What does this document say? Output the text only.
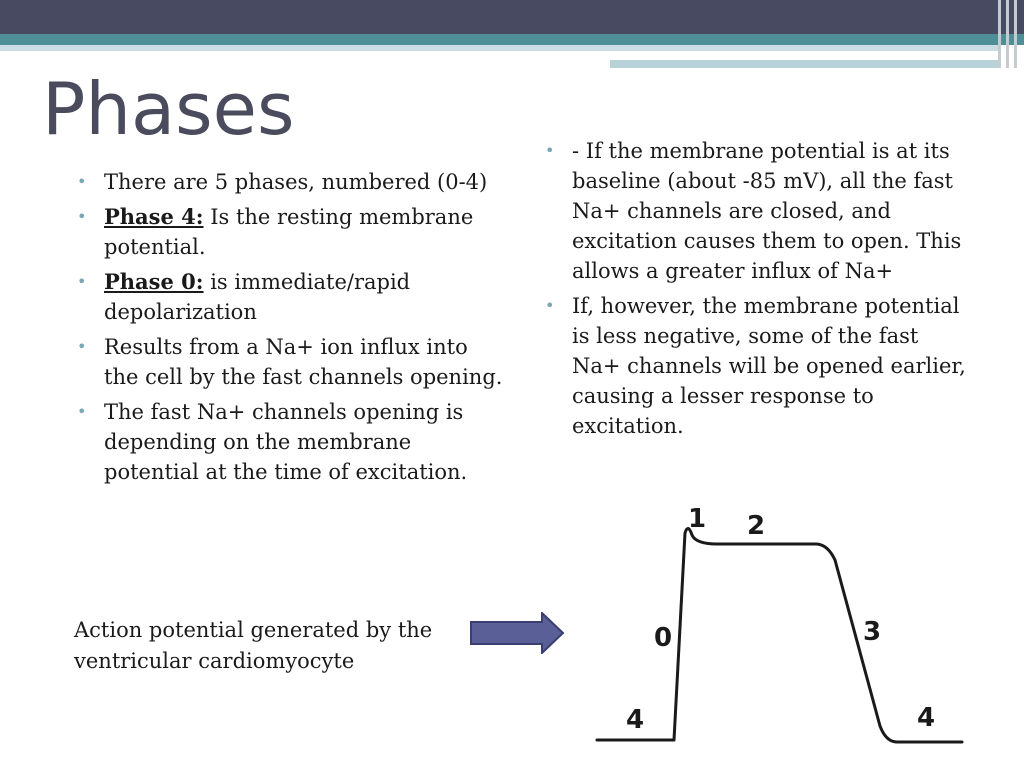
Phases
• There are 5 phases, numbered (0-4)
• Phase 4: Is the resting membrane potential.
• Phase 0: is immediate/rapid depolarization
• Results from a Na+ ion influx into the cell by the fast channels opening.
• The fast Na+ channels opening is depending on the membrane potential at the time of excitation.
• - If the membrane potential is at its baseline (about -85 mV), all the fast Na+ channels are closed, and excitation causes them to open. This allows a greater influx of Na+
• If, however, the membrane potential is less negative, some of the fast Na+ channels will be opened earlier, causing a lesser response to excitation.
Action potential generated by the ventricular cardiomyocyte
1 2
0	3
4	4
